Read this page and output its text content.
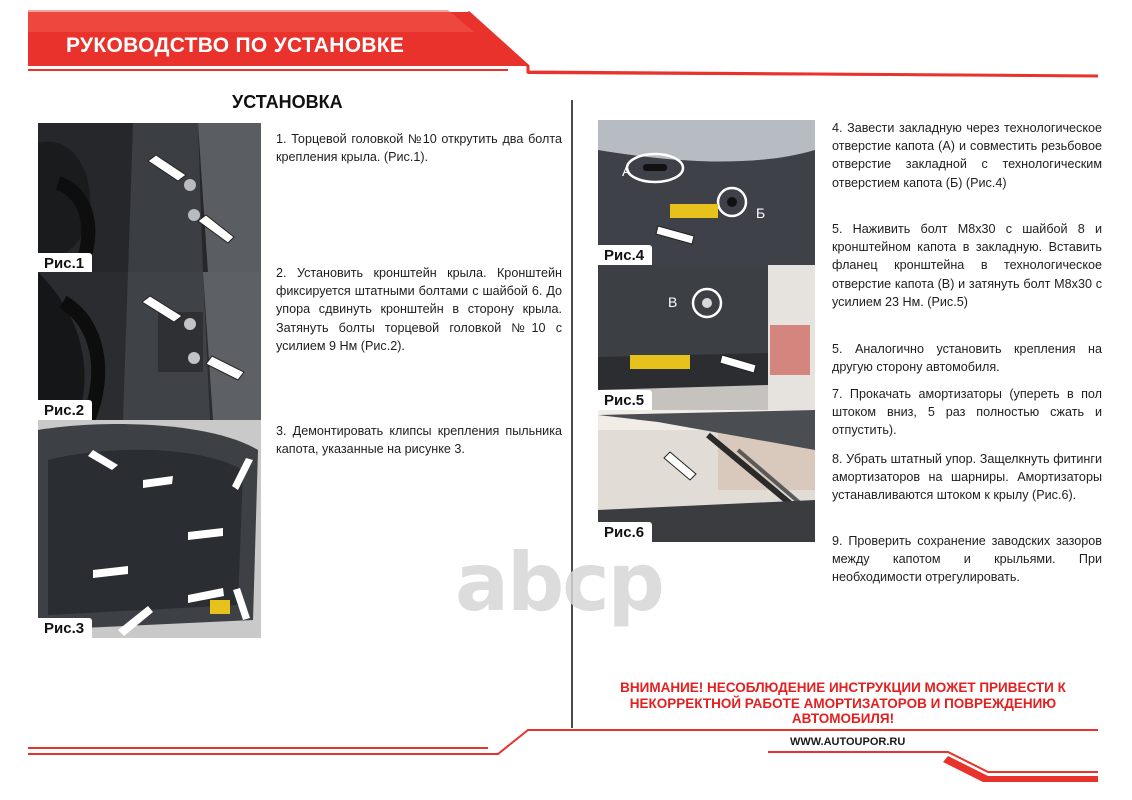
РУКОВОДСТВО ПО УСТАНОВКЕ
УСТАНОВКА
Рис.1
Рис.2
Рис.3
А
Б
Рис.4
В
Рис.5
Рис.6
1. Торцевой головкой №10 открутить два болта крепления крыла. (Рис.1).
2. Установить кронштейн крыла. Кронштейн фиксируется штатными болтами с шайбой 6. До упора сдвинуть кронштейн в сторону крыла. Затянуть болты торцевой головкой №10 с усилием 9 Нм (Рис.2).
3. Демонтировать клипсы крепления пыльника капота, указанные на рисунке 3.
4. Завести закладную через технологическое отверстие капота (А) и совместить резьбовое отверстие закладной с технологическим отверстием капота (Б) (Рис.4)
5. Наживить болт М8х30 с шайбой 8 и кронштейном капота в закладную. Вставить фланец кронштейна в технологическое отверстие капота (В) и затянуть болт М8х30 с усилием 23 Нм. (Рис.5)
5. Аналогично установить крепления на другую сторону автомобиля.
7. Прокачать амортизаторы (упереть в пол штоком вниз, 5 раз полностью сжать и отпустить).
8. Убрать штатный упор. Защелкнуть фитинги амортизаторов на шарниры. Амортизаторы устанавливаются штоком к крылу (Рис.6).
9. Проверить сохранение заводских зазоров между капотом и крыльями. При необходимости отрегулировать.
abcp
ВНИМАНИЕ! НЕСОБЛЮДЕНИЕ ИНСТРУКЦИИ МОЖЕТ ПРИВЕСТИ К НЕКОРРЕКТНОЙ РАБОТЕ АМОРТИЗАТОРОВ И ПОВРЕЖДЕНИЮ АВТОМОБИЛЯ!
WWW.AUTOUPOR.RU
